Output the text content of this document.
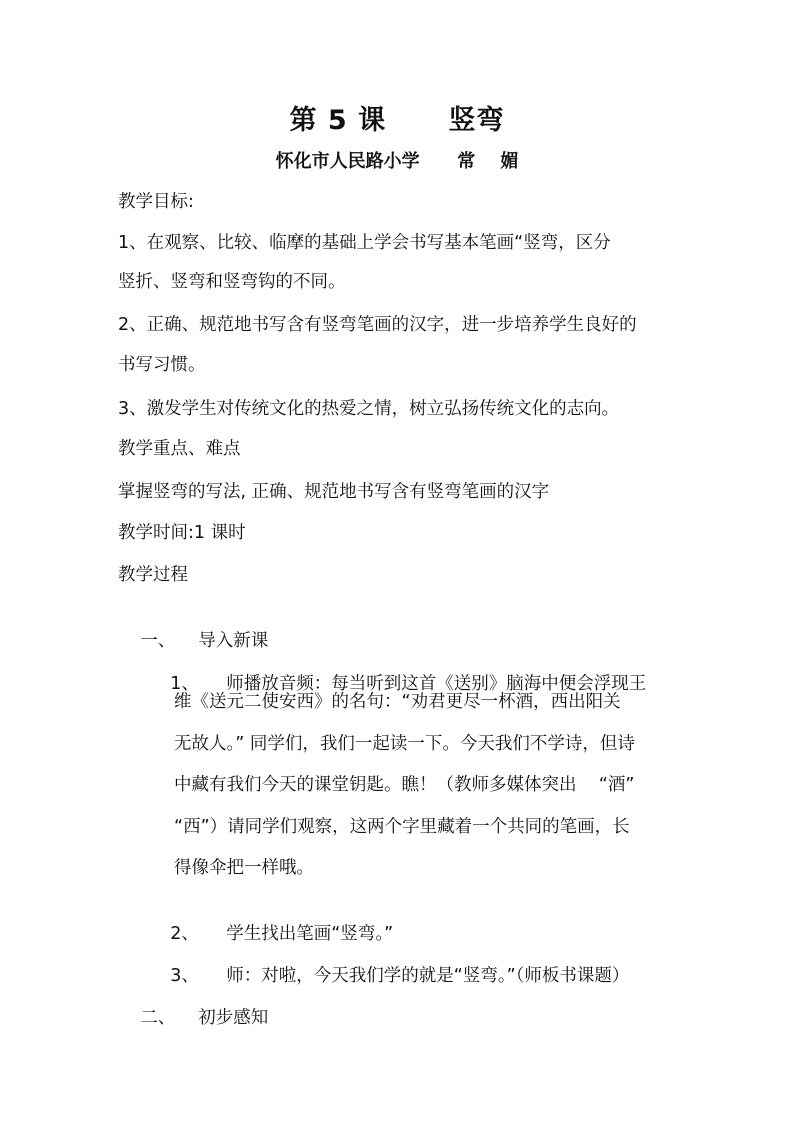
第 5 课      竖弯
怀化市人民路小学      常    媚
教学目标:
1、在观察、比较、临摩的基础上学会书写基本笔画“竖弯，区分
竖折、竖弯和竖弯钩的不同。
2、正确、规范地书写含有竖弯笔画的汉字，进一步培养学生良好的
书写习惯。
3、激发学生对传统文化的热爱之情，树立弘扬传统文化的志向。
教学重点、难点
掌握竖弯的写法, 正确、规范地书写含有竖弯笔画的汉字
教学时间:1 课时
教学过程

一、 导入新课

1、 师播放音频：每当听到这首《送别》脑海中便会浮现王

维《送元二使安西》的名句：“劝君更尽一杯酒，西出阳关
无故人。” 同学们，我们一起读一下。今天我们不学诗，但诗
中藏有我们今天的课堂钥匙。瞧！（教师多媒体突出    “酒”
“西”）请同学们观察，这两个字里藏着一个共同的笔画，长
得像伞把一样哦。

2、 学生找出笔画“竖弯。”

3、 师：对啦，今天我们学的就是“竖弯。”（师板书课题）

二、 初步感知
